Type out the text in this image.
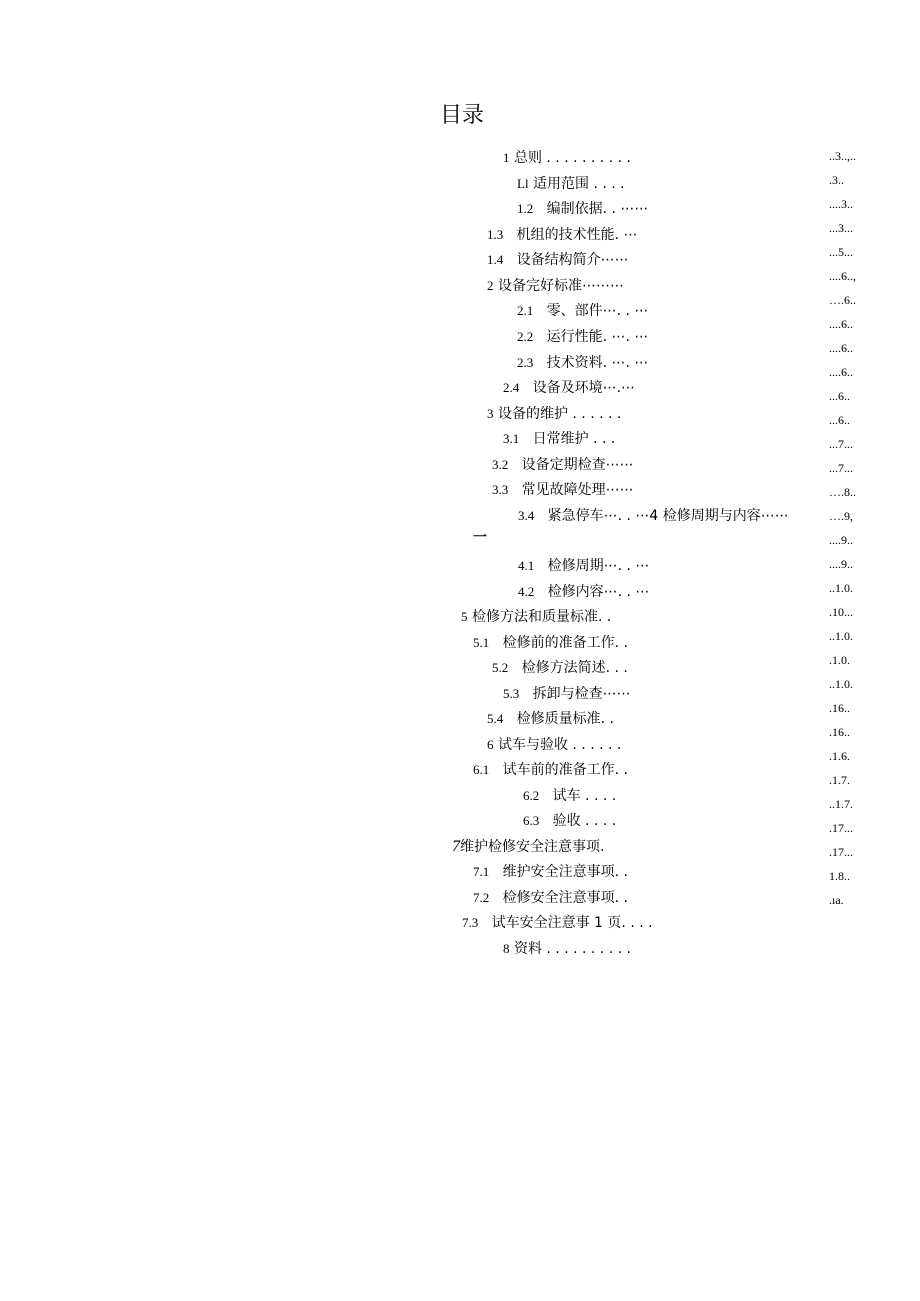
目录
1 总则 . . . . . . . . . .
Ll 适用范围 . . . .
1.2 编制依据. . ⋯⋯
1.3 机组的技术性能. ⋯
1.4 设备结构简介⋯⋯
2 设备完好标准⋯⋯⋯
2.1 零、部件⋯. . ⋯
2.2 运行性能. ⋯. ⋯
2.3 技术资料. ⋯. ⋯
2.4 设备及环境⋯.⋯
3 设备的维护 . . . . . .
3.1 日常维护 . . .
3.2 设备定期检查⋯⋯
3.3 常见故障处理⋯⋯
3.4 紧急停车⋯. . ⋯4 检修周期与内容⋯⋯
一
4.1 检修周期⋯. . ⋯
4.2 检修内容⋯. . ⋯
5 检修方法和质量标准. .
5.1 检修前的准备工作. .
5.2 检修方法简述. . .
5.3 拆卸与检查⋯⋯
5.4 检修质量标准. .
6 试车与验收 . . . . . .
6.1 试车前的准备工作. .
6.2 试车 . . . .
6.3 验收 . . . .
7维护检修安全注意事项.
7.1 维护安全注意事项. .
7.2 检修安全注意事项. .
7.3 试车安全注意事 1 页. . . .
8 资料 . . . . . . . . . .
..3..,..
.3..
....3..
...3...
...5...
....6..,
….6..
....6..
....6..
....6..
...6..
...6..
...7...
...7...
….8..
….9,
....9..
....9..
..1.0.
.10...
..1.0.
.1.0.
..1.0.
.16..
.16..
.1.6.
.1.7.
..1.7.
.17...
.17...
1.8..
.ıa.
